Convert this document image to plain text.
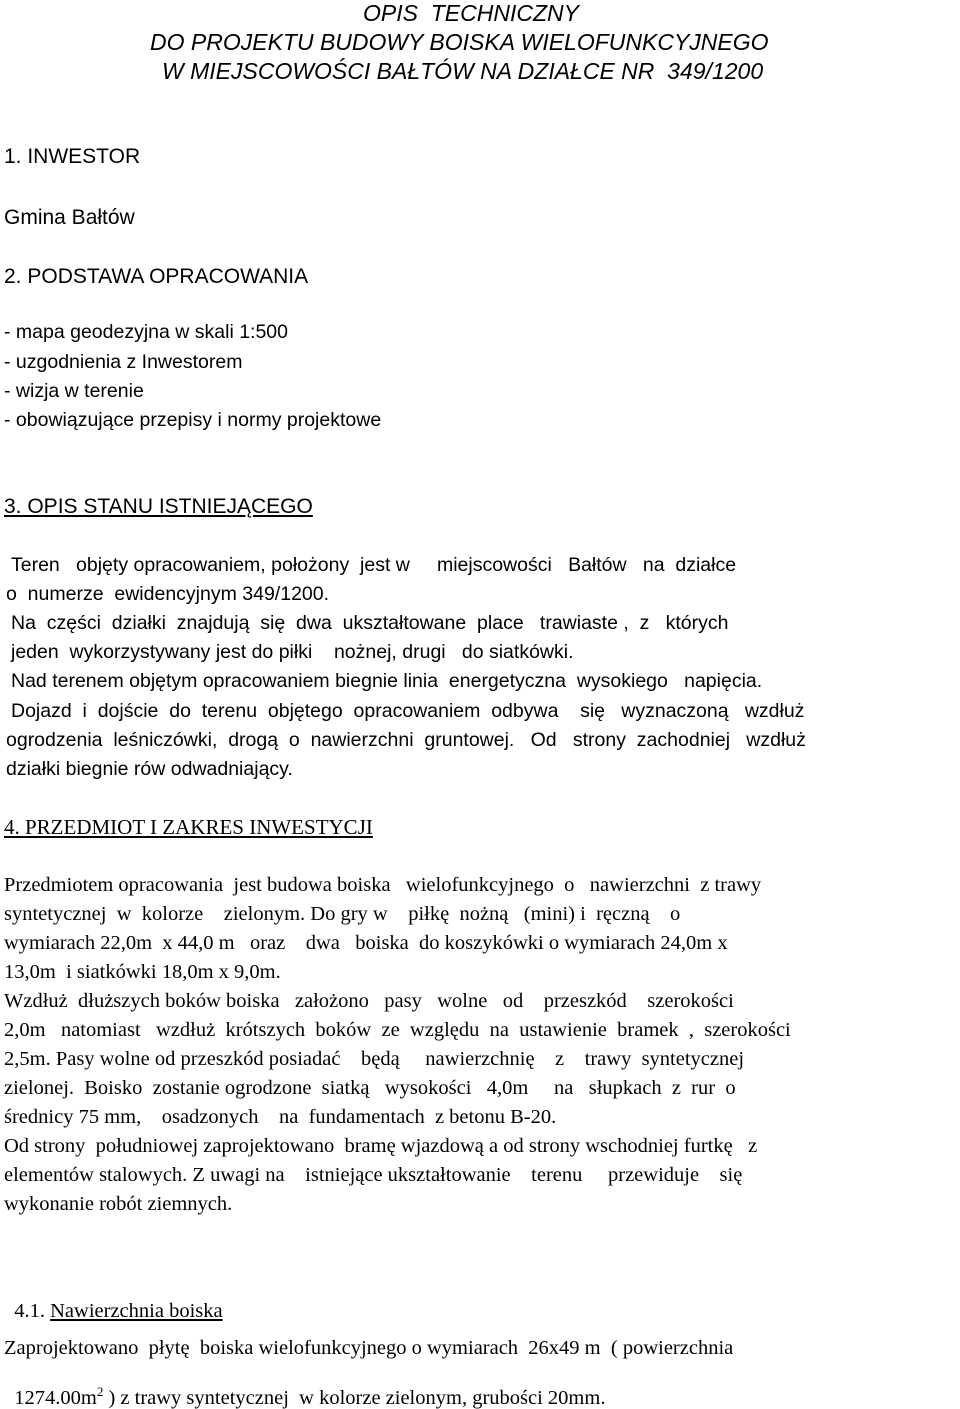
OPIS  TECHNICZNY
DO PROJEKTU BUDOWY BOISKA WIELOFUNKCYJNEGO
W MIEJSCOWOŚCI BAŁTÓW NA DZIAŁCE NR  349/1200
1. INWESTOR
Gmina Bałtów
2. PODSTAWA OPRACOWANIA
- mapa geodezyjna w skali 1:500
- uzgodnienia z Inwestorem
- wizja w terenie
- obowiązujące przepisy i normy projektowe
3. OPIS STANU ISTNIEJĄCEGO
Teren   objęty opracowaniem, położony  jest w     miejscowości   Bałtów   na  działce
o  numerze  ewidencyjnym 349/1200.
Na  części  działki  znajdują  się  dwa  ukształtowane  place   trawiaste ,  z   których
jeden  wykorzystywany jest do piłki    nożnej, drugi   do siatkówki.
Nad terenem objętym opracowaniem biegnie linia  energetyczna  wysokiego   napięcia.
Dojazd  i  dojście  do  terenu  objętego  opracowaniem  odbywa    się   wyznaczoną   wzdłuż
ogrodzenia  leśniczówki,  drogą  o  nawierzchni  gruntowej.   Od   strony  zachodniej   wzdłuż
działki biegnie rów odwadniający.
4. PRZEDMIOT I ZAKRES INWESTYCJI
Przedmiotem opracowania  jest budowa boiska   wielofunkcyjnego  o   nawierzchni  z trawy
syntetycznej  w  kolorze    zielonym. Do gry w    piłkę  nożną   (mini) i  ręczną    o
wymiarach 22,0m  x 44,0 m   oraz    dwa   boiska  do koszykówki o wymiarach 24,0m x
13,0m  i siatkówki 18,0m x 9,0m.
Wzdłuż  dłuższych boków boiska   założono   pasy   wolne   od    przeszkód    szerokości
2,0m   natomiast   wzdłuż  krótszych  boków  ze  względu  na  ustawienie  bramek  ,  szerokości
2,5m. Pasy wolne od przeszkód posiadać    będą     nawierzchnię    z    trawy  syntetycznej
zielonej.  Boisko  zostanie ogrodzone  siatką   wysokości   4,0m     na   słupkach  z  rur  o
średnicy 75 mm,    osadzonych    na  fundamentach  z betonu B-20.
Od strony  południowej zaprojektowano  bramę wjazdową a od strony wschodniej furtkę   z
elementów stalowych. Z uwagi na    istniejące ukształtowanie    terenu     przewiduje    się
wykonanie robót ziemnych.

4.1. Nawierzchnia boiska

Zaprojektowano  płytę  boiska wielofunkcyjnego o wymiarach  26x49 m  ( powierzchnia

$1274.00m^2$ ) z trawy syntetycznej  w kolorze zielonym, grubości 20mm.
